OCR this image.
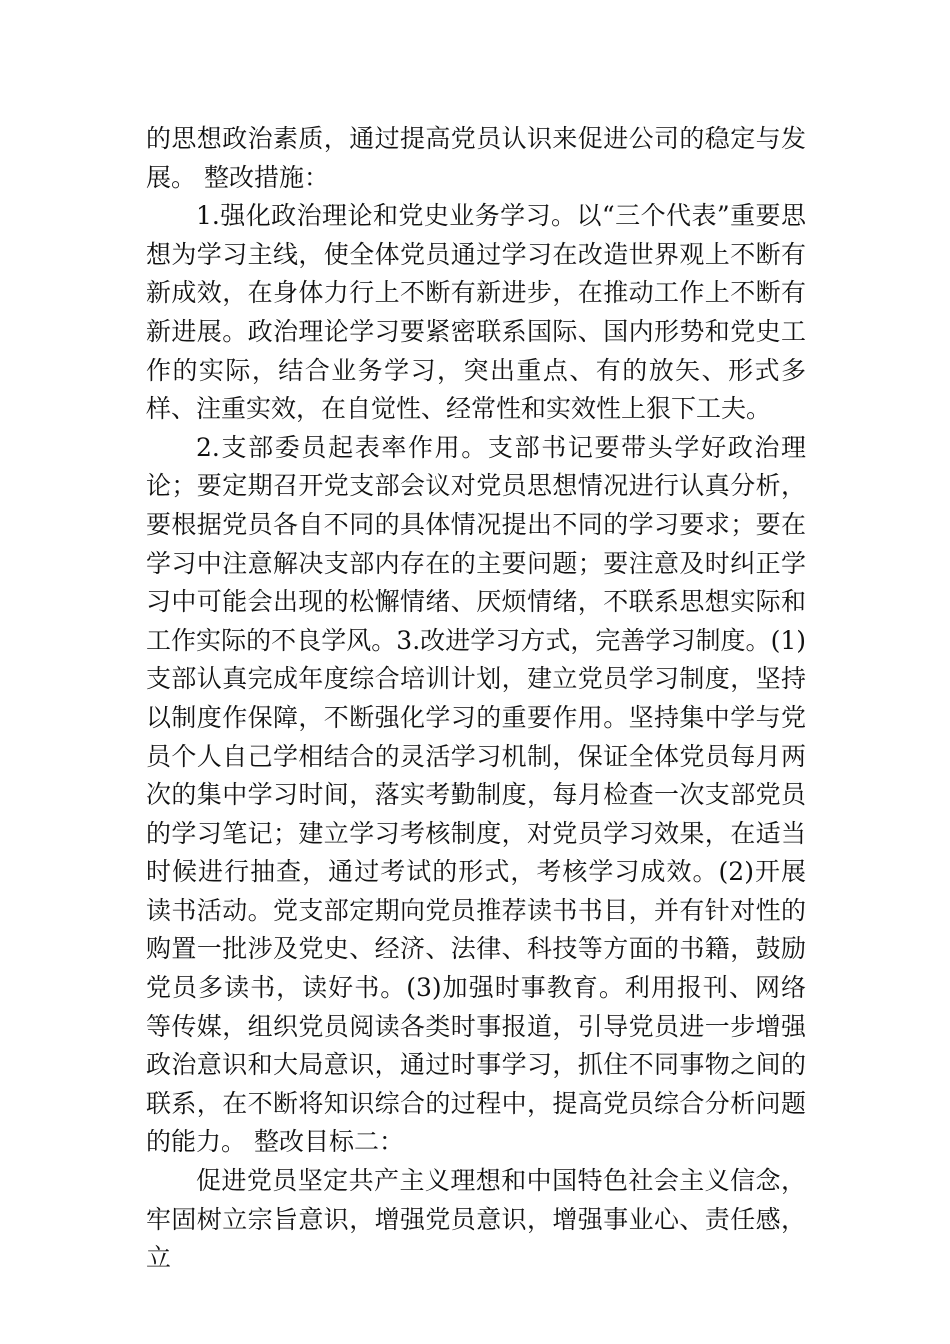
的思想政治素质，通过提高党员认识来促进公司的稳定与发展。 整改措施：

1.强化政治理论和党史业务学习。以“三个代表”重要思想为学习主线，使全体党员通过学习在改造世界观上不断有新成效，在身体力行上不断有新进步，在推动工作上不断有新进展。政治理论学习要紧密联系国际、国内形势和党史工作的实际，结合业务学习，突出重点、有的放矢、形式多样、注重实效，在自觉性、经常性和实效性上狠下工夫。

2.支部委员起表率作用。支部书记要带头学好政治理论；要定期召开党支部会议对党员思想情况进行认真分析，要根据党员各自不同的具体情况提出不同的学习要求；要在学习中注意解决支部内存在的主要问题；要注意及时纠正学习中可能会出现的松懈情绪、厌烦情绪，不联系思想实际和工作实际的不良学风。3.改进学习方式，完善学习制度。(1)支部认真完成年度综合培训计划，建立党员学习制度，坚持以制度作保障，不断强化学习的重要作用。坚持集中学与党员个人自己学相结合的灵活学习机制，保证全体党员每月两次的集中学习时间，落实考勤制度，每月检查一次支部党员的学习笔记；建立学习考核制度，对党员学习效果，在适当时候进行抽查，通过考试的形式，考核学习成效。(2)开展读书活动。党支部定期向党员推荐读书书目，并有针对性的购置一批涉及党史、经济、法律、科技等方面的书籍，鼓励党员多读书，读好书。(3)加强时事教育。利用报刊、网络等传媒，组织党员阅读各类时事报道，引导党员进一步增强政治意识和大局意识，通过时事学习，抓住不同事物之间的联系，在不断将知识综合的过程中，提高党员综合分析问题的能力。 整改目标二：

促进党员坚定共产主义理想和中国特色社会主义信念，牢固树立宗旨意识，增强党员意识，增强事业心、责任感，立
